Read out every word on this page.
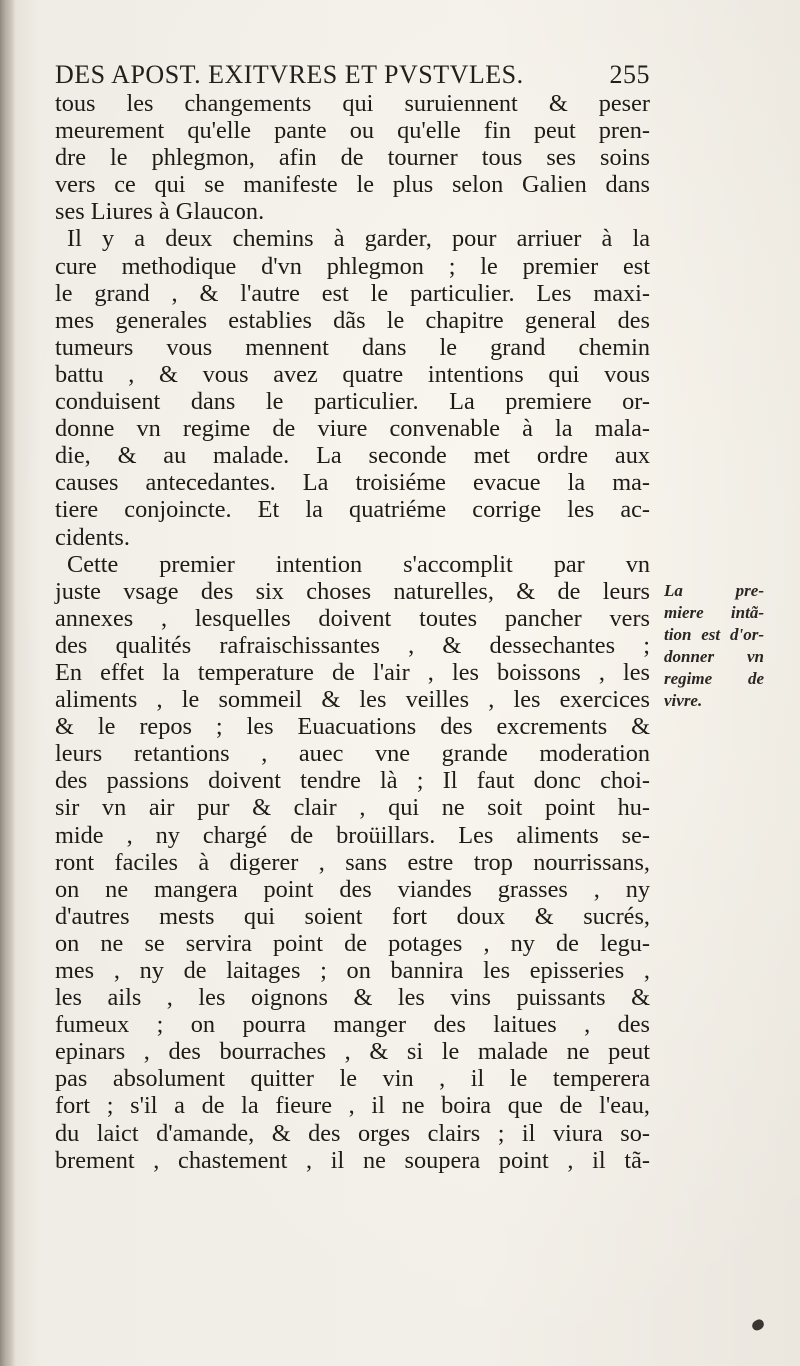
DES APOST. EXITVRES ET PVSTVLES.	255
tous les changements qui suruiennent & peser
meurement qu'elle pante ou qu'elle fin peut pren-
dre le phlegmon, afin de tourner tous ses soins
vers ce qui se manifeste le plus selon Galien dans
ses Liures à Glaucon.
Il y a deux chemins à garder, pour arriuer à la
cure methodique d'vn phlegmon ; le premier est
le grand , & l'autre est le particulier. Les maxi-
mes generales establies dãs le chapitre general des
tumeurs vous mennent dans le grand chemin
battu , & vous avez quatre intentions qui vous
conduisent dans le particulier. La premiere or-
donne vn regime de viure convenable à la mala-
die, & au malade. La seconde met ordre aux
causes antecedantes. La troisiéme evacue la ma-
tiere conjoincte. Et la quatriéme corrige les ac-
cidents.
Cette premier intention s'accomplit par vn
juste vsage des six choses naturelles, & de leurs
annexes , lesquelles doivent toutes pancher vers
des qualités rafraischissantes , & dessechantes ;
En effet la temperature de l'air , les boissons , les
aliments , le sommeil & les veilles , les exercices
& le repos ; les Euacuations des excrements &
leurs retantions , auec vne grande moderation
des passions doivent tendre là ; Il faut donc choi-
sir vn air pur & clair , qui ne soit point hu-
mide , ny chargé de broüillars. Les aliments se-
ront faciles à digerer , sans estre trop nourrissans,
on ne mangera point des viandes grasses , ny
d'autres mests qui soient fort doux & sucrés,
on ne se servira point de potages , ny de legu-
mes , ny de laitages ; on bannira les episseries ,
les ails , les oignons & les vins puissants &
fumeux ; on pourra manger des laitues , des
epinars , des bourraches , & si le malade ne peut
pas absolument quitter le vin , il le temperera
fort ; s'il a de la fieure , il ne boira que de l'eau,
du laict d'amande, & des orges clairs ; il viura so-
brement , chastement , il ne soupera point , il tã-
La pre-
miere intã-
tion est d'or-
donner vn
regime de
vivre.
